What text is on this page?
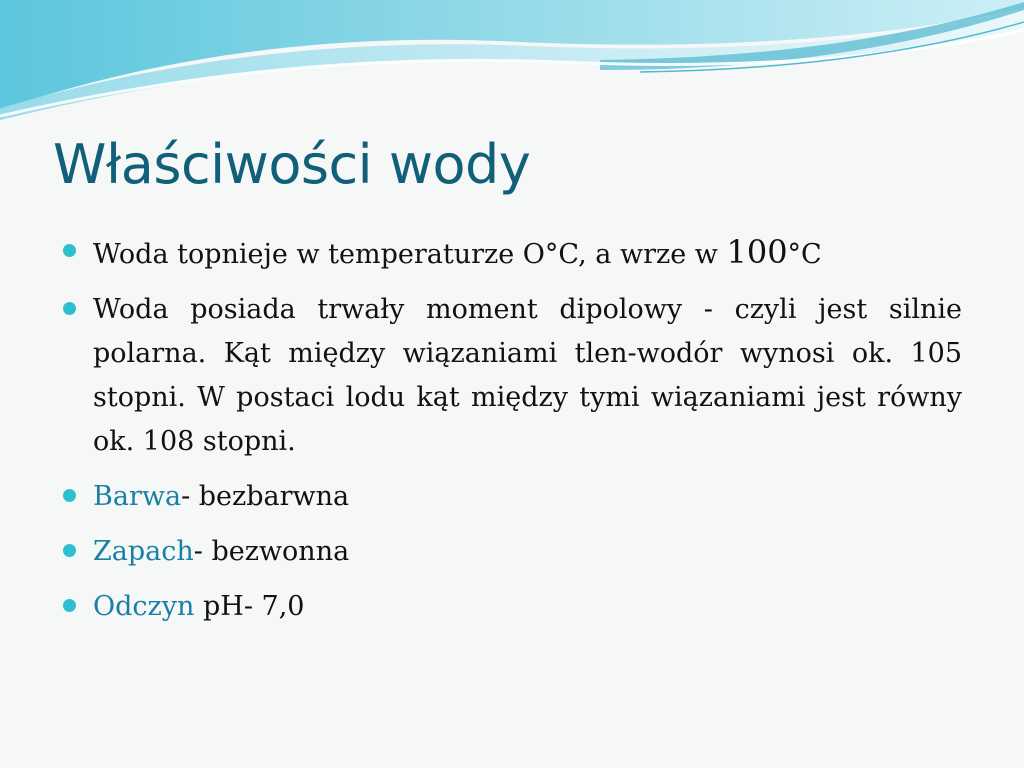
Właściwości wody
Woda topnieje w temperaturze O°C, a wrze w 100°C
Woda posiada trwały moment dipolowy - czyli jest silnie polarna. Kąt między wiązaniami tlen-wodór wynosi ok. 105 stopni. W postaci lodu kąt między tymi wiązaniami jest równy ok. 108 stopni.
Barwa- bezbarwna
Zapach- bezwonna
Odczyn pH- 7,0
